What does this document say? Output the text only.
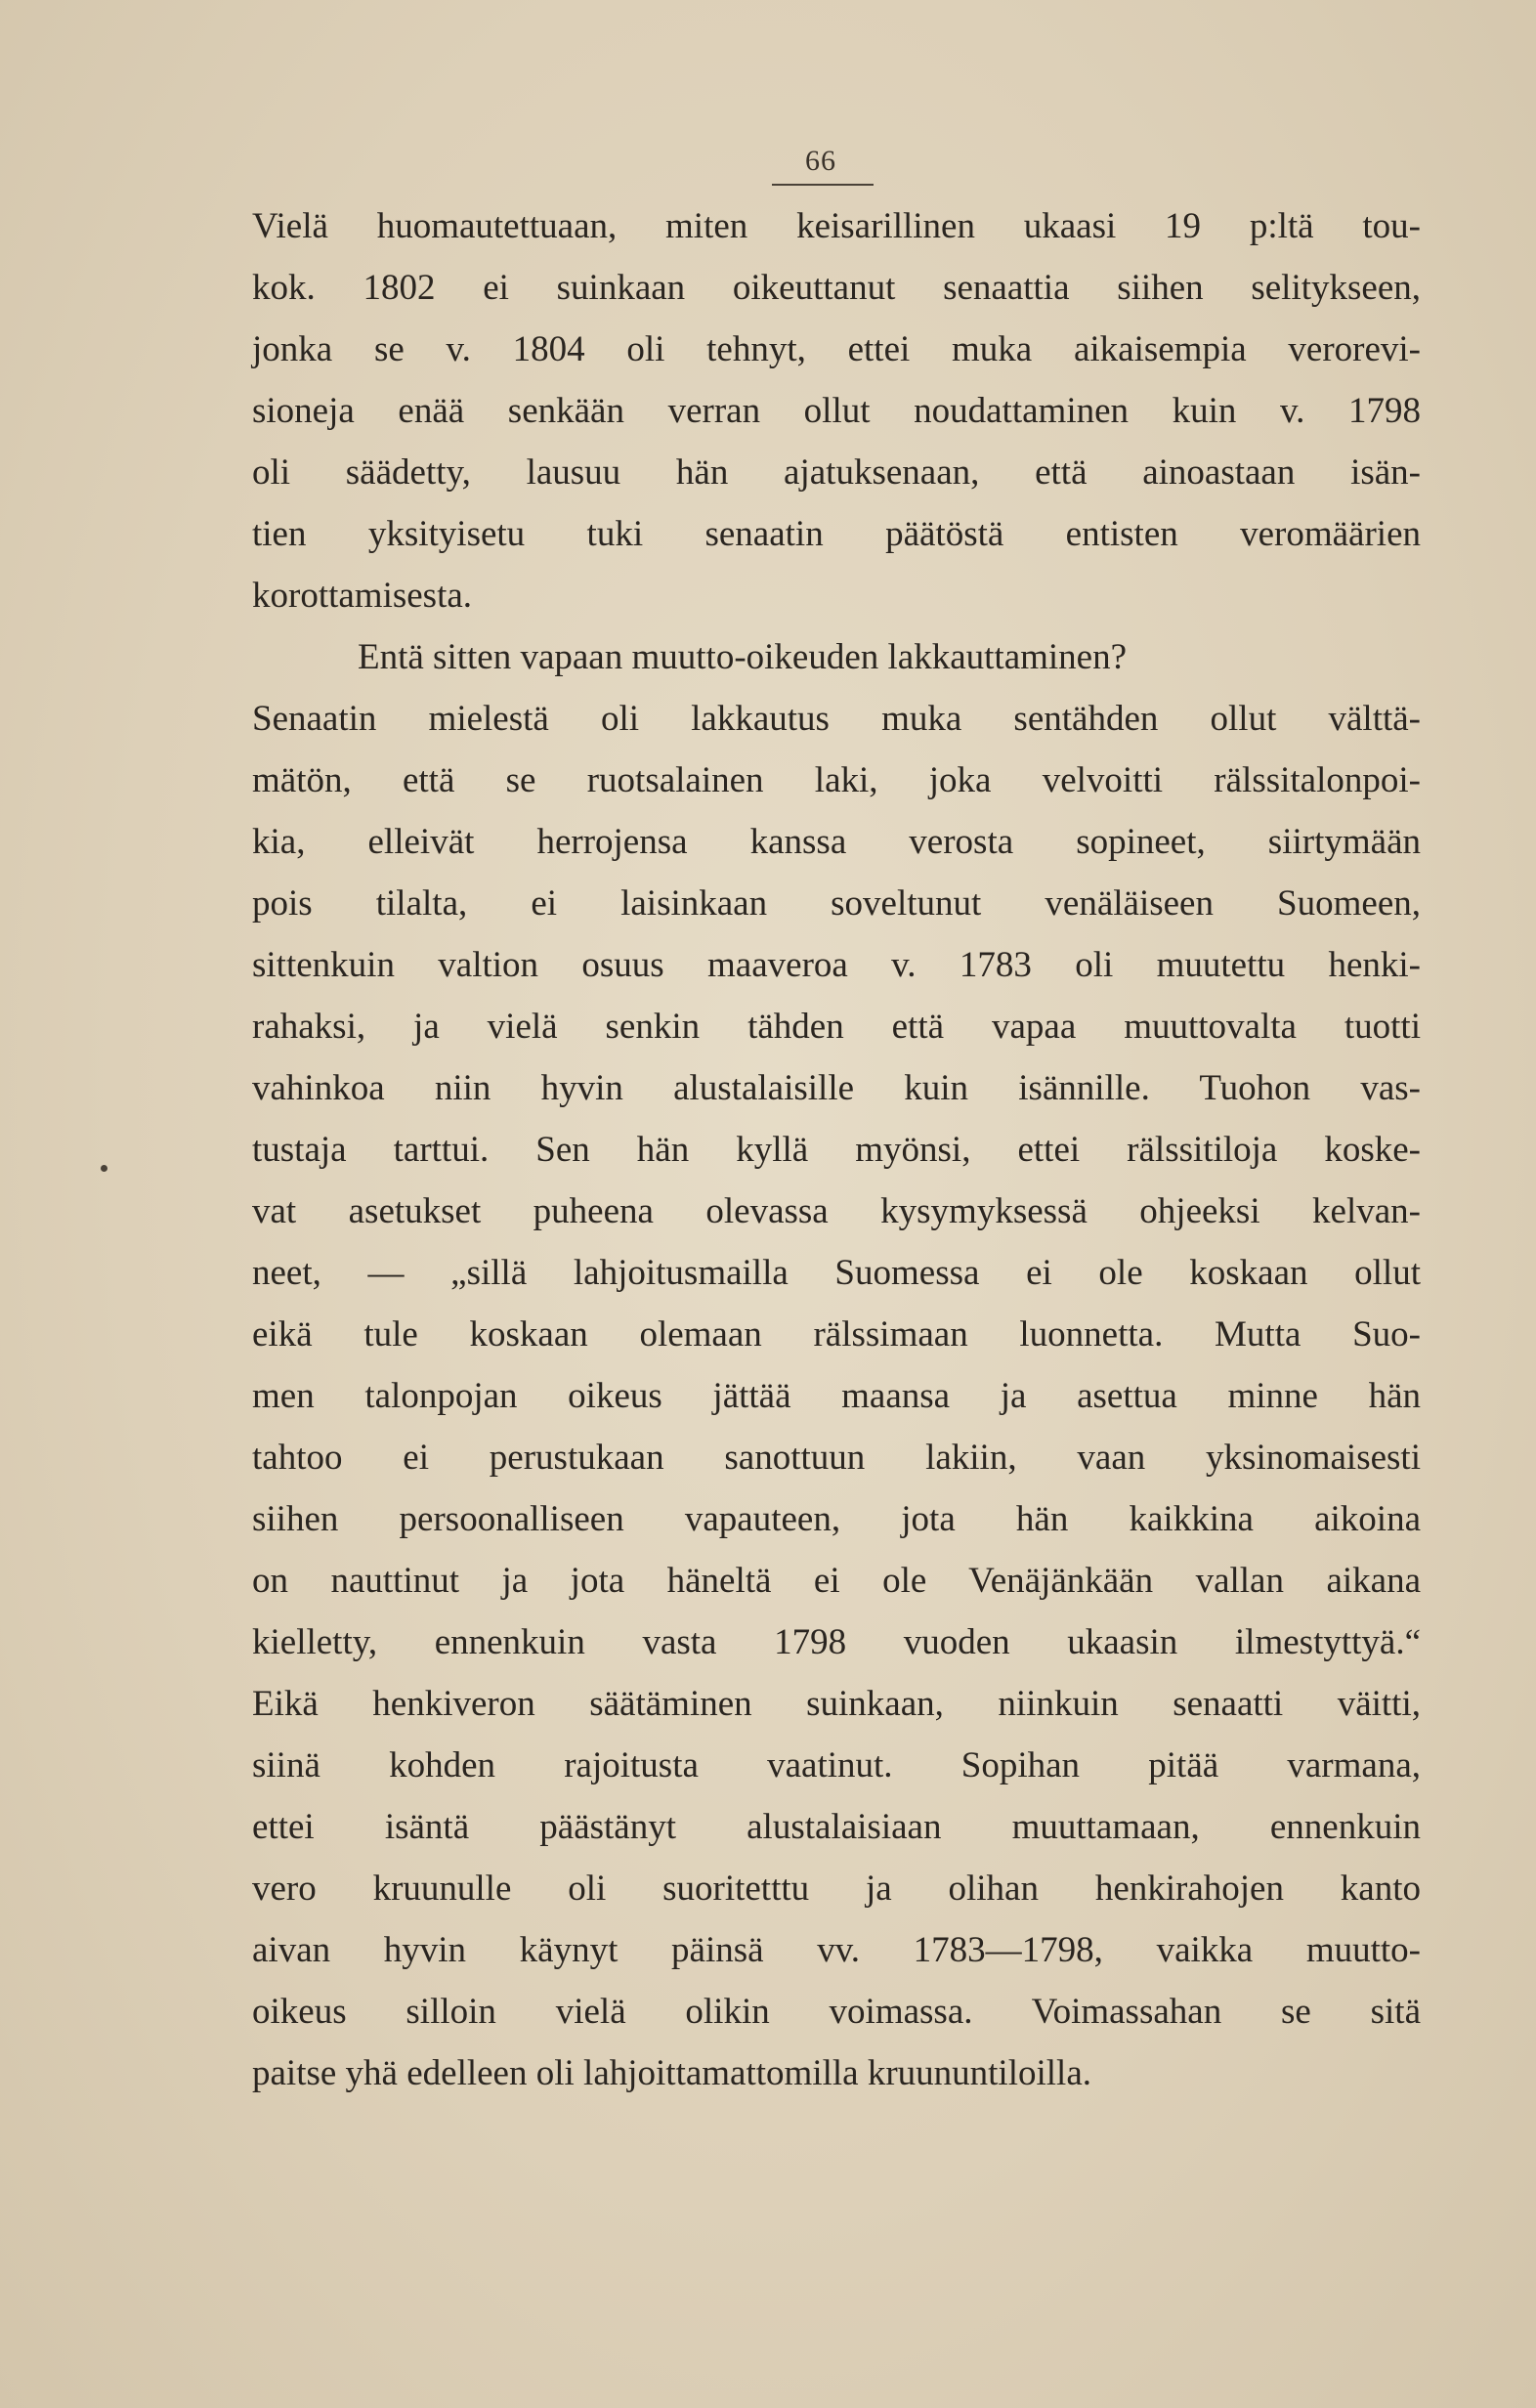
66
Vielä huomautettuaan, miten keisarillinen ukaasi 19 p:ltä tou-
kok. 1802 ei suinkaan oikeuttanut senaattia siihen selitykseen,
jonka se v. 1804 oli tehnyt, ettei muka aikaisempia verorevi-
sioneja enää senkään verran ollut noudattaminen kuin v. 1798
oli säädetty, lausuu hän ajatuksenaan, että ainoastaan isän-
tien yksityisetu tuki senaatin päätöstä entisten veromäärien
korottamisesta.
Entä sitten vapaan muutto-oikeuden lakkauttaminen?
Senaatin mielestä oli lakkautus muka sentähden ollut välttä-
mätön, että se ruotsalainen laki, joka velvoitti rälssitalonpoi-
kia, elleivät herrojensa kanssa verosta sopineet, siirtymään
pois tilalta, ei laisinkaan soveltunut venäläiseen Suomeen,
sittenkuin valtion osuus maaveroa v. 1783 oli muutettu henki-
rahaksi, ja vielä senkin tähden että vapaa muuttovalta tuotti
vahinkoa niin hyvin alustalaisille kuin isännille. Tuohon vas-
tustaja tarttui. Sen hän kyllä myönsi, ettei rälssitiloja koske-
vat asetukset puheena olevassa kysymyksessä ohjeeksi kelvan-
neet, — „sillä lahjoitusmailla Suomessa ei ole koskaan ollut
eikä tule koskaan olemaan rälssimaan luonnetta. Mutta Suo-
men talonpojan oikeus jättää maansa ja asettua minne hän
tahtoo ei perustukaan sanottuun lakiin, vaan yksinomaisesti
siihen persoonalliseen vapauteen, jota hän kaikkina aikoina
on nauttinut ja jota häneltä ei ole Venäjänkään vallan aikana
kielletty, ennenkuin vasta 1798 vuoden ukaasin ilmestyttyä.“
Eikä henkiveron säätäminen suinkaan, niinkuin senaatti väitti,
siinä kohden rajoitusta vaatinut. Sopihan pitää varmana,
ettei isäntä päästänyt alustalaisiaan muuttamaan, ennenkuin
vero kruunulle oli suoritetttu ja olihan henkirahojen kanto
aivan hyvin käynyt päinsä vv. 1783—1798, vaikka muutto-
oikeus silloin vielä olikin voimassa. Voimassahan se sitä
paitse yhä edelleen oli lahjoittamattomilla kruununtiloilla.
